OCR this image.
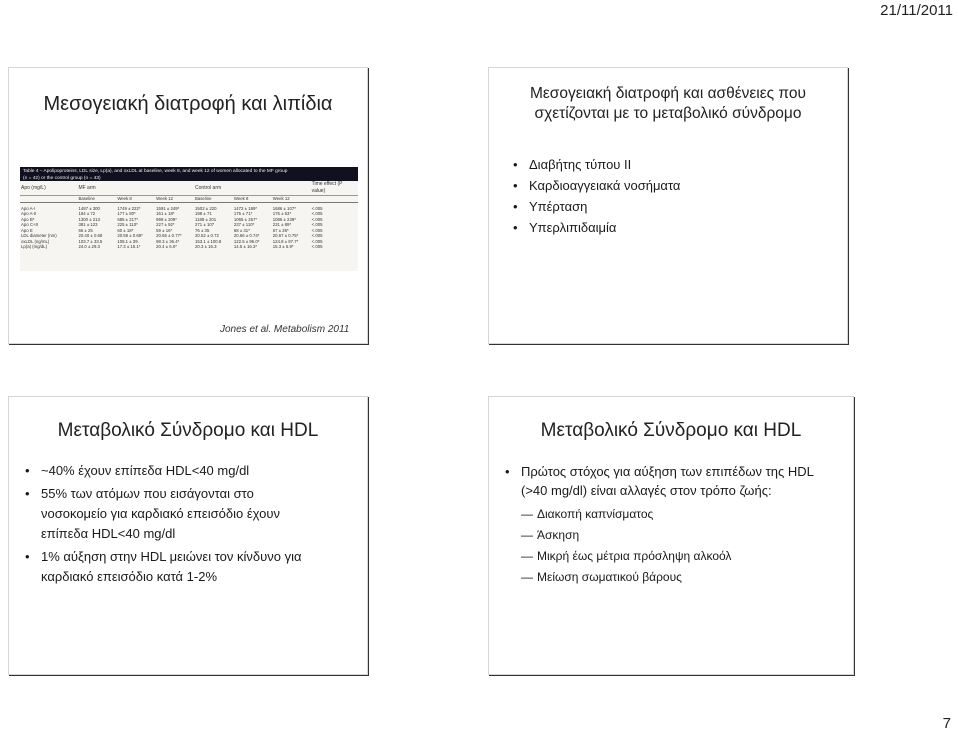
21/11/2011
Μεσογειακή διατροφή και λιπίδια
Jones et al. Metabolism 2011
Table 4 – Apolipoproteins, LDL size, Lp(a), and oxLDL at baseline, week 8, and week 12 of women allocated to the MF group
(n = 42) or the control group (n = 43)
Apo (mg/L)	MF arm			Control arm			Time effect (P value)
	Baseline	Week 8	Week 12	Baseline	Week 8	Week 12	
Apo A-I	1487 ± 300	1749 ± 222*	1591 ± 249*	1502 ± 220	1472 ± 189*	1686 ± 107*	<.005
Apo A-II	184 ± 72	177 ± 80*	161 ± 18*	198 ± 71	175 ± 71*	175 ± 63*	<.005
Apo B*	1300 ± 213	685 ± 217*	998 ± 209*	1188 ± 201	1065 ± 257*	1086 ± 239*	<.005
Apo C-III	381 ± 123	225 ± 110*	227 ± 92*	271 ± 107	237 ± 110*	231 ± 89*	<.005
Apo E	66 ± 25	60 ± 18*	59 ± 16*	76 ± 35	68 ± 31*	67 ± 26*	<.005
LDL diameter (nm)	20.40 ± 0.68	20.59 ± 0.69*	20.65 ± 0.77*	20.52 ± 0.72	20.66 ± 0.74*	20.67 ± 0.75*	<.005
oxLDL (ng/mL)	103.7 ± 33.5	108.1 ± 39.	98.3 ± 36.4*	153.1 ± 100.8	122.5 ± 96.0*	124.8 ± 97.7*	<.005
Lp(a) (mg/dL)	24.0 ± 29.3	17.3 ± 15.1*	20.4 ± 6.0*	20.3 ± 16.3	14.5 ± 16.3*	15.3 ± 5.9*	<.005
Μεσογειακή διατροφή και ασθένειες που
σχετίζονται με το μεταβολικό σύνδρομο
• Διαβήτης τύπου ΙΙ
• Καρδιοαγγειακά νοσήματα
• Υπέρταση
• Υπερλιπιδαιμία
Μεταβολικό Σύνδρομο και HDL
• ~40% έχουν επίπεδα HDL<40 mg/dl
• 55% των ατόμων που εισάγονται στο νοσοκομείο για καρδιακό επεισόδιο έχουν επίπεδα HDL<40 mg/dl
• 1% αύξηση στην HDL μειώνει τον κίνδυνο για καρδιακό επεισόδιο κατά 1-2%
Μεταβολικό Σύνδρομο και HDL
• Πρώτος στόχος για αύξηση των επιπέδων της HDL (>40 mg/dl) είναι αλλαγές στον τρόπο ζωής:
— Διακοπή καπνίσματος
— Άσκηση
— Μικρή έως μέτρια πρόσληψη αλκοόλ
— Μείωση σωματικού βάρους
7
